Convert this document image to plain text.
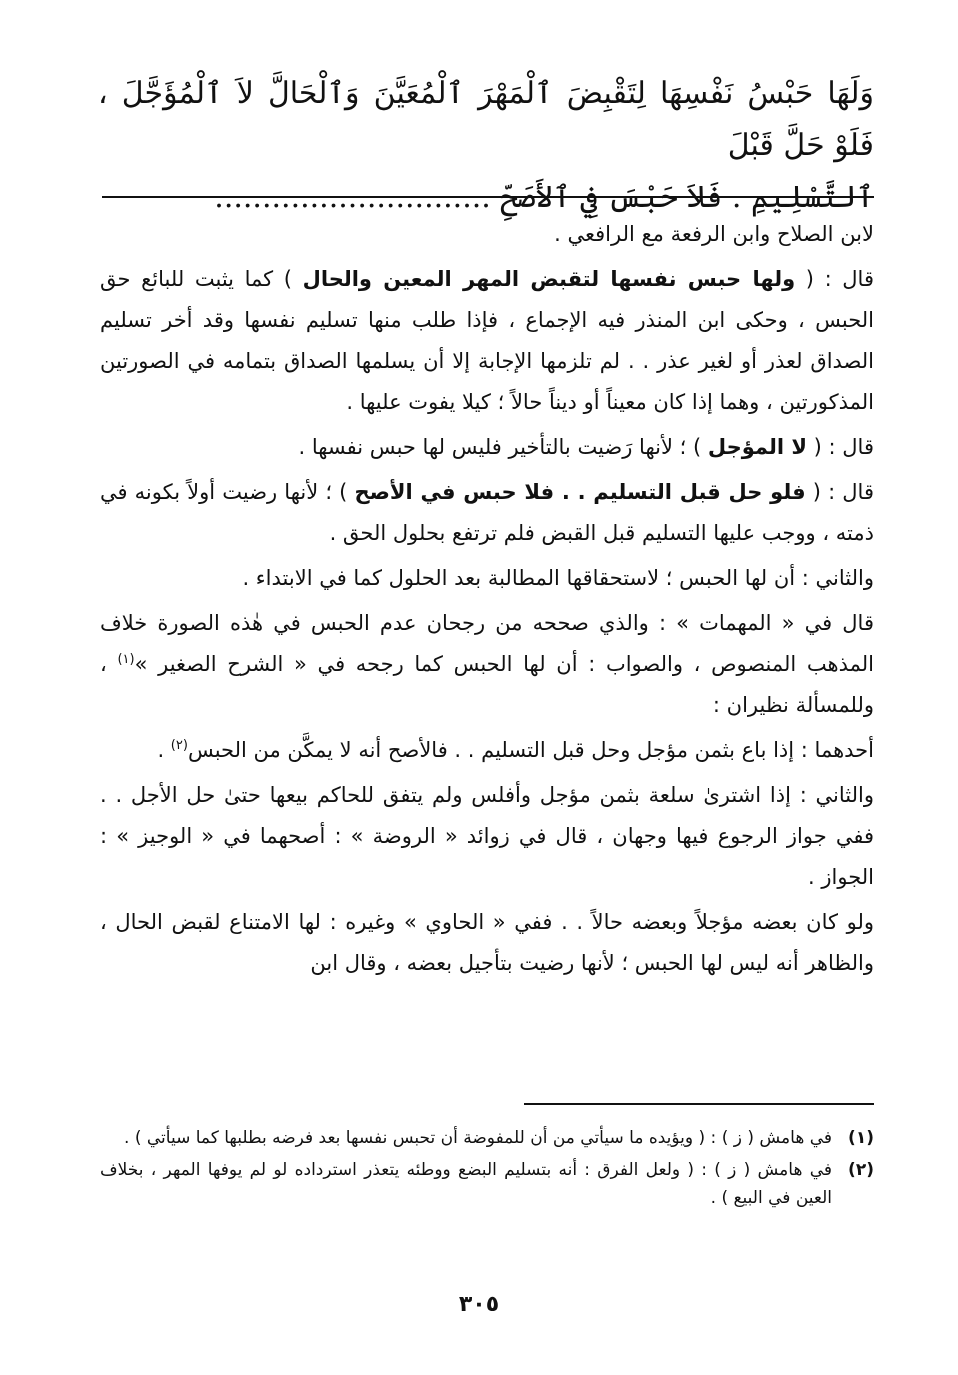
وَلَهَا حَبْسُ نَفْسِهَا لِتَقْبِضَ ٱلْمَهْرَ ٱلْمُعَيَّنَ وَٱلْحَالَّ لاَ ٱلْمُؤَجَّلَ ، فَلَوْ حَلَّ قَبْلَ

ٱلتَّسْلِيمِ . فَلاَ حَبْسَ فِي ٱلأَصَحِّ .............................

لابن الصلاح وابن الرفعة مع الرافعي .

قال : ( ولها حبس نفسها لتقبض المهر المعين والحال ) كما يثبت للبائع حق الحبس ، وحكى ابن المنذر فيه الإجماع ، فإذا طلب منها تسليم نفسها وقد أخر تسليم الصداق لعذر أو لغير عذر . . لم تلزمها الإجابة إلا أن يسلمها الصداق بتمامه في الصورتين المذكورتين ، وهما إذا كان معيناً أو ديناً حالاً ؛ كيلا يفوت عليها .

قال : ( لا المؤجل ) ؛ لأنها رَضيت بالتأخير فليس لها حبس نفسها .

قال : ( فلو حل قبل التسليم . . فلا حبس في الأصح ) ؛ لأنها رضيت أولاً بكونه في ذمته ، ووجب عليها التسليم قبل القبض فلم ترتفع بحلول الحق .

والثاني : أن لها الحبس ؛ لاستحقاقها المطالبة بعد الحلول كما في الابتداء .

قال في « المهمات » : والذي صححه من رجحان عدم الحبس في هٰذه الصورة خلاف المذهب المنصوص ، والصواب : أن لها الحبس كما رجحه في « الشرح الصغير »$^{(١)}$ ، وللمسألة نظيران :

أحدهما : إذا باع بثمن مؤجل وحل قبل التسليم . . فالأصح أنه لا يمكَّن من الحبس$^{(٢)}$ .

والثاني : إذا اشترىٰ سلعة بثمن مؤجل وأفلس ولم يتفق للحاكم بيعها حتىٰ حل الأجل . . ففي جواز الرجوع فيها وجهان ، قال في زوائد « الروضة » : أصحهما في « الوجيز » : الجواز .

ولو كان بعضه مؤجلاً وبعضه حالاً . . ففي « الحاوي » وغيره : لها الامتناع لقبض الحال ، والظاهر أنه ليس لها الحبس ؛ لأنها رضيت بتأجيل بعضه ، وقال ابن

(١)
في هامش ( ز ) : ( ويؤيده ما سيأتي من أن للمفوضة أن تحبس نفسها بعد فرضه بطلبها كما سيأتي ) .
(٢)
في هامش ( ز ) : ( ولعل الفرق : أنه بتسليم البضع ووطئه يتعذر استرداده لو لم يوفها المهر ، بخلاف العين في البيع ) .
٣٠٥
